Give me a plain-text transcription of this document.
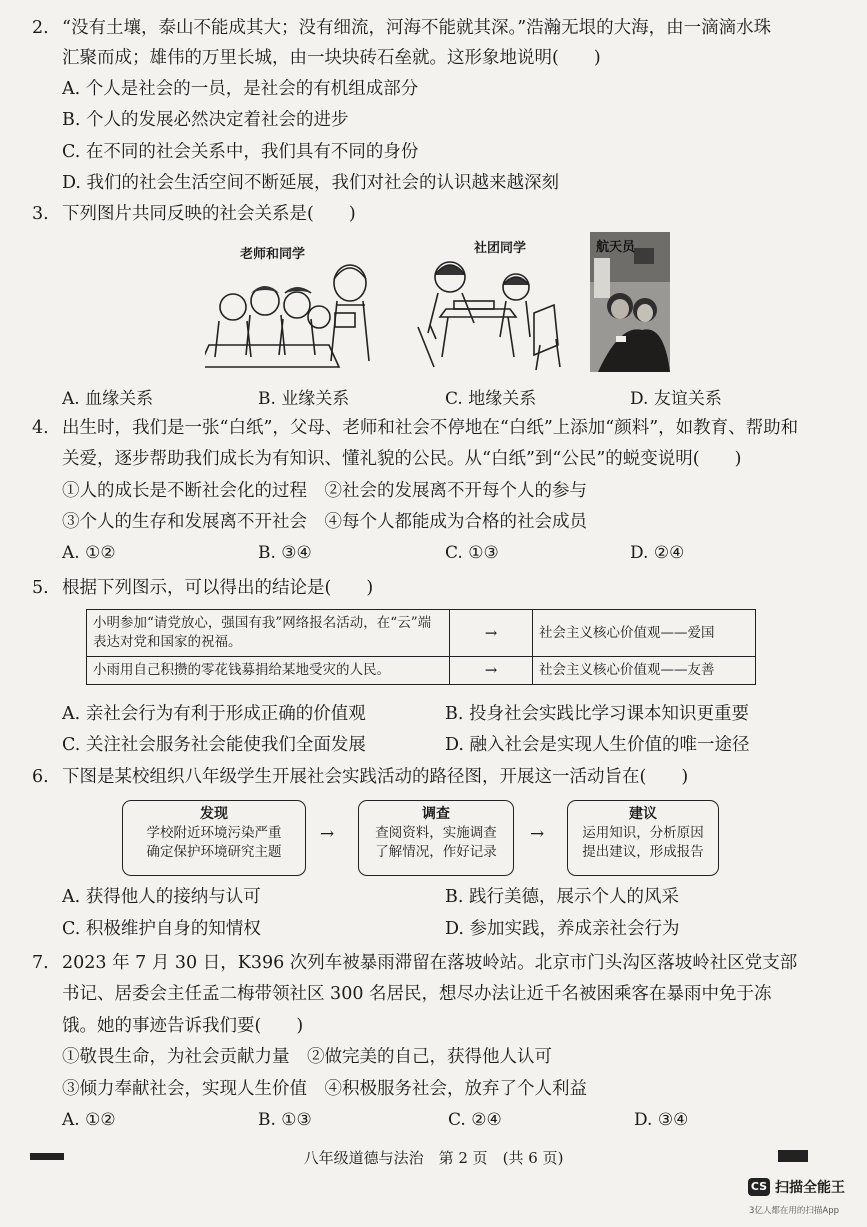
2. “没有土壤，泰山不能成其大；没有细流，河海不能就其深。”浩瀚无垠的大海，由一滴滴水珠
汇聚而成；雄伟的万里长城，由一块块砖石垒就。这形象地说明(　　)
A. 个人是社会的一员，是社会的有机组成部分
B. 个人的发展必然决定着社会的进步
C. 在不同的社会关系中，我们具有不同的身份
D. 我们的社会生活空间不断延展，我们对社会的认识越来越深刻
3. 下列图片共同反映的社会关系是(　　)
老师和同学	社团同学	航天员
A. 血缘关系	B. 业缘关系	C. 地缘关系	D. 友谊关系
4. 出生时，我们是一张“白纸”，父母、老师和社会不停地在“白纸”上添加“颜料”，如教育、帮助和
关爱，逐步帮助我们成长为有知识、懂礼貌的公民。从“白纸”到“公民”的蜕变说明(　　)
①人的成长是不断社会化的过程　②社会的发展离不开每个人的参与
③个人的生存和发展离不开社会　④每个人都能成为合格的社会成员
A. ①②	B. ③④	C. ①③	D. ②④
5. 根据下列图示，可以得出的结论是(　　)
小明参加“请党放心，强国有我”网络报名活动，在“云”端表达对党和国家的祝福。	→	社会主义核心价值观——爱国
小雨用自己积攒的零花钱募捐给某地受灾的人民。	→	社会主义核心价值观——友善
A. 亲社会行为有利于形成正确的价值观	B. 投身社会实践比学习课本知识更重要
C. 关注社会服务社会能使我们全面发展	D. 融入社会是实现人生价值的唯一途径
6. 下图是某校组织八年级学生开展社会实践活动的路径图，开展这一活动旨在(　　)
发现
学校附近环境污染严重
确定保护环境研究主题
→
调查
查阅资料，实施调查
了解情况，作好记录
→
建议
运用知识，分析原因
提出建议，形成报告
A. 获得他人的接纳与认可	B. 践行美德，展示个人的风采
C. 积极维护自身的知情权	D. 参加实践，养成亲社会行为
7. 2023 年 7 月 30 日，K396 次列车被暴雨滞留在落坡岭站。北京市门头沟区落坡岭社区党支部
书记、居委会主任孟二梅带领社区 300 名居民，想尽办法让近千名被困乘客在暴雨中免于冻
饿。她的事迹告诉我们要(　　)
①敬畏生命，为社会贡献力量　②做完美的自己，获得他人认可
③倾力奉献社会，实现人生价值　④积极服务社会，放弃了个人利益
A. ①②	B. ①③	C. ②④	D. ③④
八年级道德与法治　第 2 页　(共 6 页)
CS 扫描全能王
3亿人都在用的扫描App
